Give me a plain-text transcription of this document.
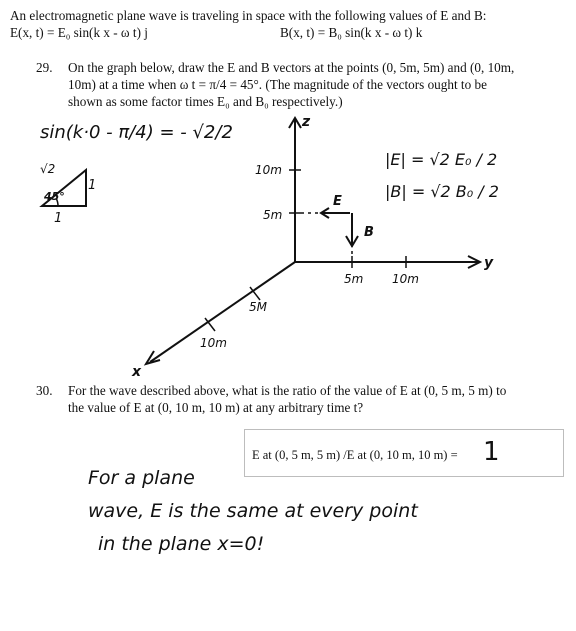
An electromagnetic plane wave is traveling in space with the following values of E and B:
E(x, t) = E₀ sin(k x - ω t) j	B(x, t) = B₀ sin(k x - ω t) k
29. On the graph below, draw the E and B vectors at the points (0, 5m, 5m) and (0, 10m,
10m) at a time when ω t = π/4 = 45°. (The magnitude of the vectors ought to be
shown as some factor times E₀ and B₀ respectively.)
sin(k·0 - π/4) = - √2/2
√2
1
1
45°
|E| = √2 E₀ / 2
|B| = √2 B₀ / 2
z
y
x
10m
5m
5m 10m
5M
10m
E
B
30. For the wave described above, what is the ratio of the value of E at (0, 5 m, 5 m) to
the value of E at (0, 10 m, 10 m) at any arbitrary time t?
E at (0, 5 m, 5 m) /E at (0, 10 m, 10 m) = 1
For a plane
wave, E is the same at every point
in the plane x=0!
